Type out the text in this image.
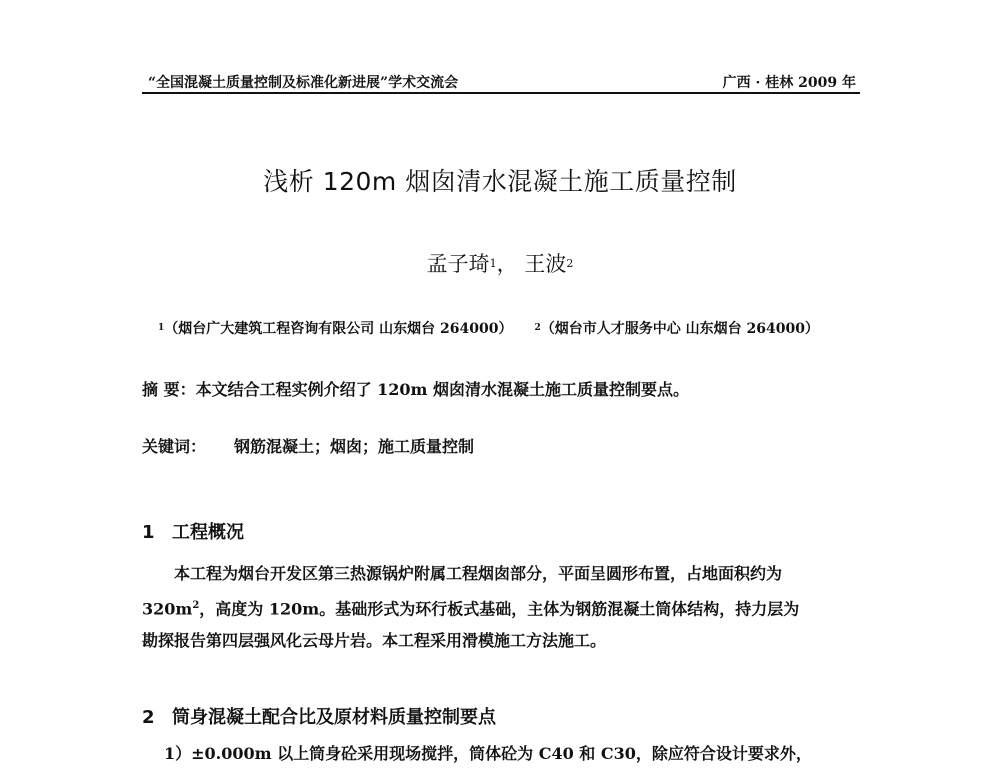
“全国混凝土质量控制及标准化新进展”学术交流会	广西 · 桂林 2009 年
浅析 120m 烟囱清水混凝土施工质量控制
孟子琦$^1$， 王波$^2$
$^1$（烟台广大建筑工程咨询有限公司 山东烟台 264000） $^2$（烟台市人才服务中心 山东烟台 264000）
摘 要：本文结合工程实例介绍了 120m 烟囱清水混凝土施工质量控制要点。
关键词： 钢筋混凝土；烟囱；施工质量控制
1 工程概况
本工程为烟台开发区第三热源锅炉附属工程烟囱部分，平面呈圆形布置，占地面积约为
$320m^2$，高度为 120m。基础形式为环行板式基础，主体为钢筋混凝土筒体结构，持力层为
勘探报告第四层强风化云母片岩。本工程采用滑模施工方法施工。
2 筒身混凝土配合比及原材料质量控制要点
1）±0.000m 以上筒身砼采用现场搅拌，筒体砼为 C40 和 C30，除应符合设计要求外，
